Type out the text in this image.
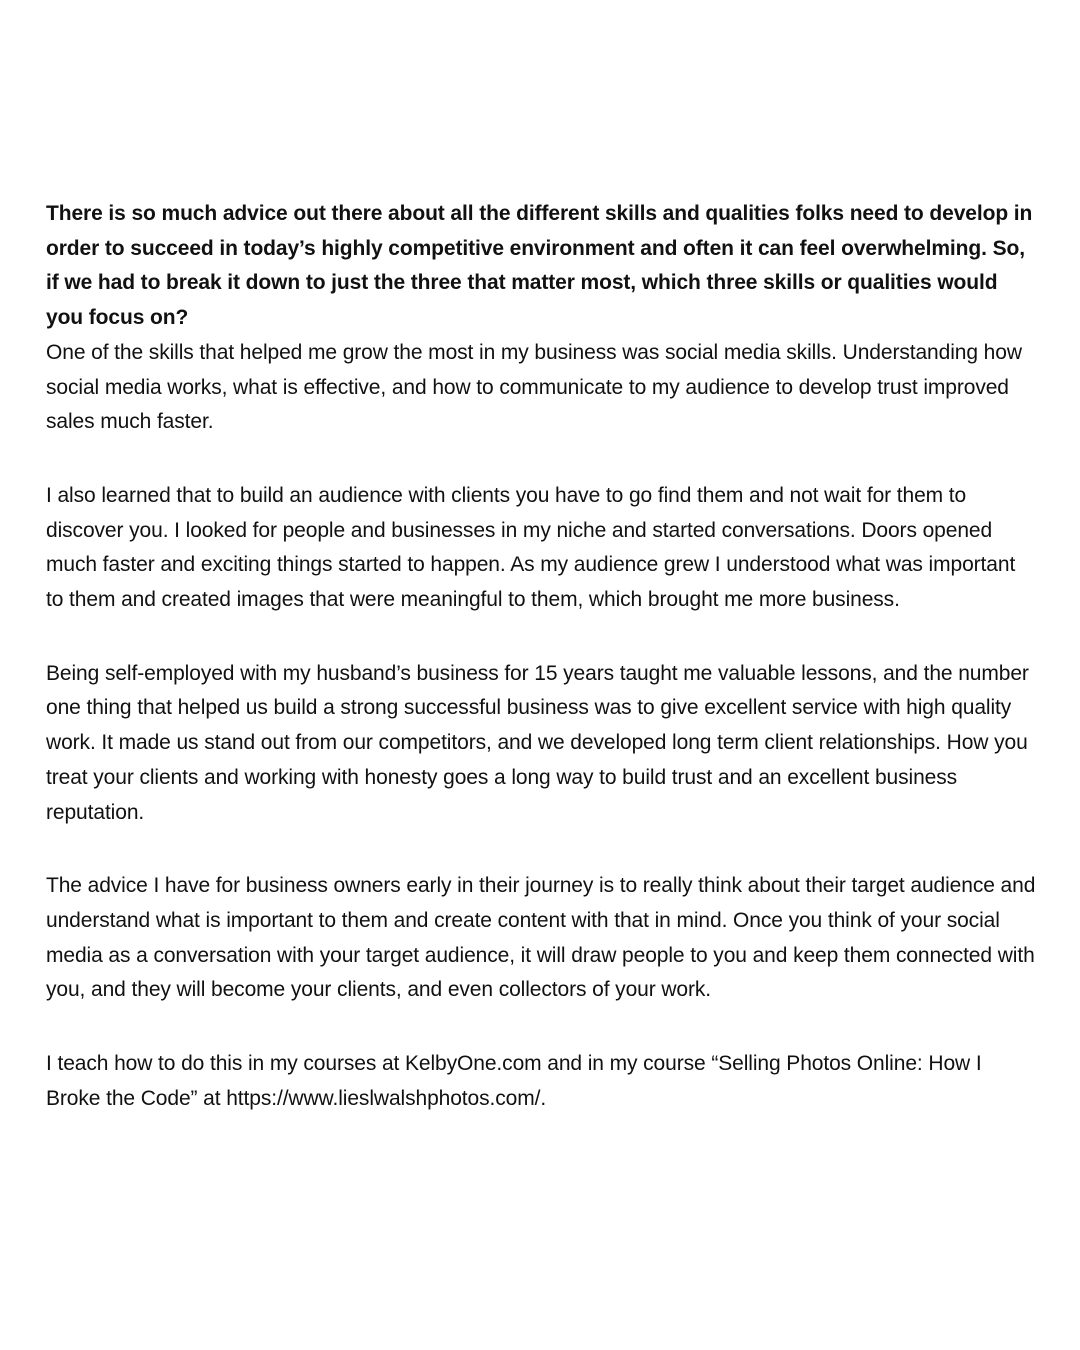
There is so much advice out there about all the different skills and qualities folks need to develop in order to succeed in today’s highly competitive environment and often it can feel overwhelming. So, if we had to break it down to just the three that matter most, which three skills or qualities would you focus on?

One of the skills that helped me grow the most in my business was social media skills. Understanding how social media works, what is effective, and how to communicate to my audience to develop trust improved sales much faster.

I also learned that to build an audience with clients you have to go find them and not wait for them to discover you. I looked for people and businesses in my niche and started conversations. Doors opened much faster and exciting things started to happen. As my audience grew I understood what was important to them and created images that were meaningful to them, which brought me more business.

Being self-employed with my husband’s business for 15 years taught me valuable lessons, and the number one thing that helped us build a strong successful business was to give excellent service with high quality work. It made us stand out from our competitors, and we developed long term client relationships. How you treat your clients and working with honesty goes a long way to build trust and an excellent business reputation.

The advice I have for business owners early in their journey is to really think about their target audience and understand what is important to them and create content with that in mind. Once you think of your social media as a conversation with your target audience, it will draw people to you and keep them connected with you, and they will become your clients, and even collectors of your work.

I teach how to do this in my courses at KelbyOne.com and in my course “Selling Photos Online: How I Broke the Code” at https://www.lieslwalshphotos.com/.
